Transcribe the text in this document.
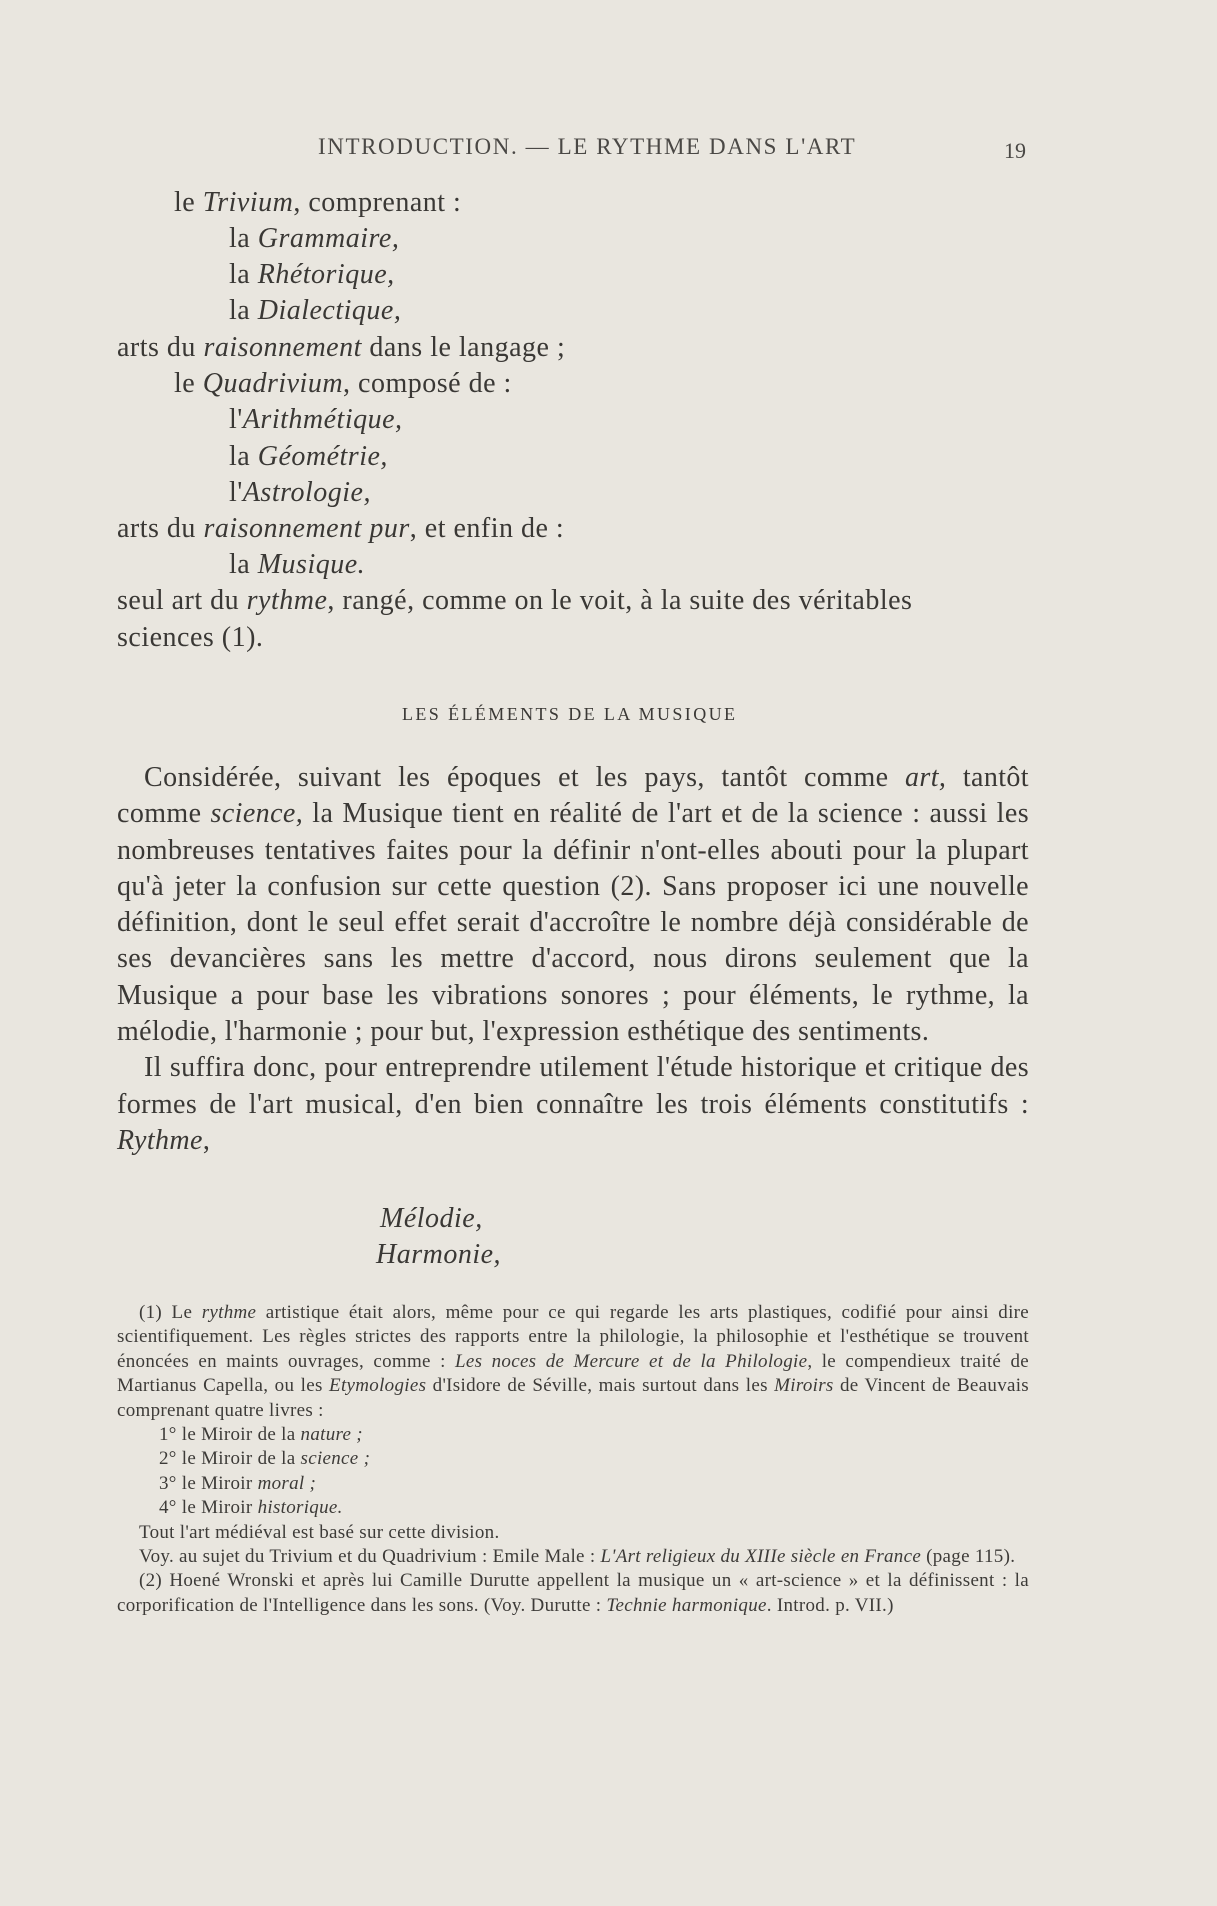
INTRODUCTION. — LE RYTHME DANS L'ART	19
le Trivium, comprenant :
la Grammaire,
la Rhétorique,
la Dialectique,
arts du raisonnement dans le langage ;
le Quadrivium, composé de :
l'Arithmétique,
la Géométrie,
l'Astrologie,
arts du raisonnement pur, et enfin de :
la Musique.
seul art du rythme, rangé, comme on le voit, à la suite des véritables
sciences (1).
LES ÉLÉMENTS DE LA MUSIQUE

Considérée, suivant les époques et les pays, tantôt comme art, tantôt comme science, la Musique tient en réalité de l'art et de la science : aussi les nombreuses tentatives faites pour la définir n'ont-elles abouti pour la plupart qu'à jeter la confusion sur cette question (2). Sans proposer ici une nouvelle définition, dont le seul effet serait d'accroître le nombre déjà considérable de ses devancières sans les mettre d'accord, nous dirons seulement que la Musique a pour base les vibrations sonores ; pour éléments, le rythme, la mélodie, l'harmonie ; pour but, l'expression esthétique des sentiments.

Il suffira donc, pour entreprendre utilement l'étude historique et critique des formes de l'art musical, d'en bien connaître les trois éléments constitutifs : Rythme,

Mélodie,
Harmonie,

(1) Le rythme artistique était alors, même pour ce qui regarde les arts plastiques, codifié pour ainsi dire scientifiquement. Les règles strictes des rapports entre la philologie, la philosophie et l'esthétique se trouvent énoncées en maints ouvrages, comme : Les noces de Mercure et de la Philologie, le compendieux traité de Martianus Capella, ou les Etymologies d'Isidore de Séville, mais surtout dans les Miroirs de Vincent de Beauvais comprenant quatre livres :

1° le Miroir de la nature ;

2° le Miroir de la science ;

3° le Miroir moral ;

4° le Miroir historique.

Tout l'art médiéval est basé sur cette division.

Voy. au sujet du Trivium et du Quadrivium : Emile Male : L'Art religieux du XIIIe siècle en France (page 115).

(2) Hoené Wronski et après lui Camille Durutte appellent la musique un « art-science » et la définissent : la corporification de l'Intelligence dans les sons. (Voy. Durutte : Technie harmonique. Introd. p. VII.)
